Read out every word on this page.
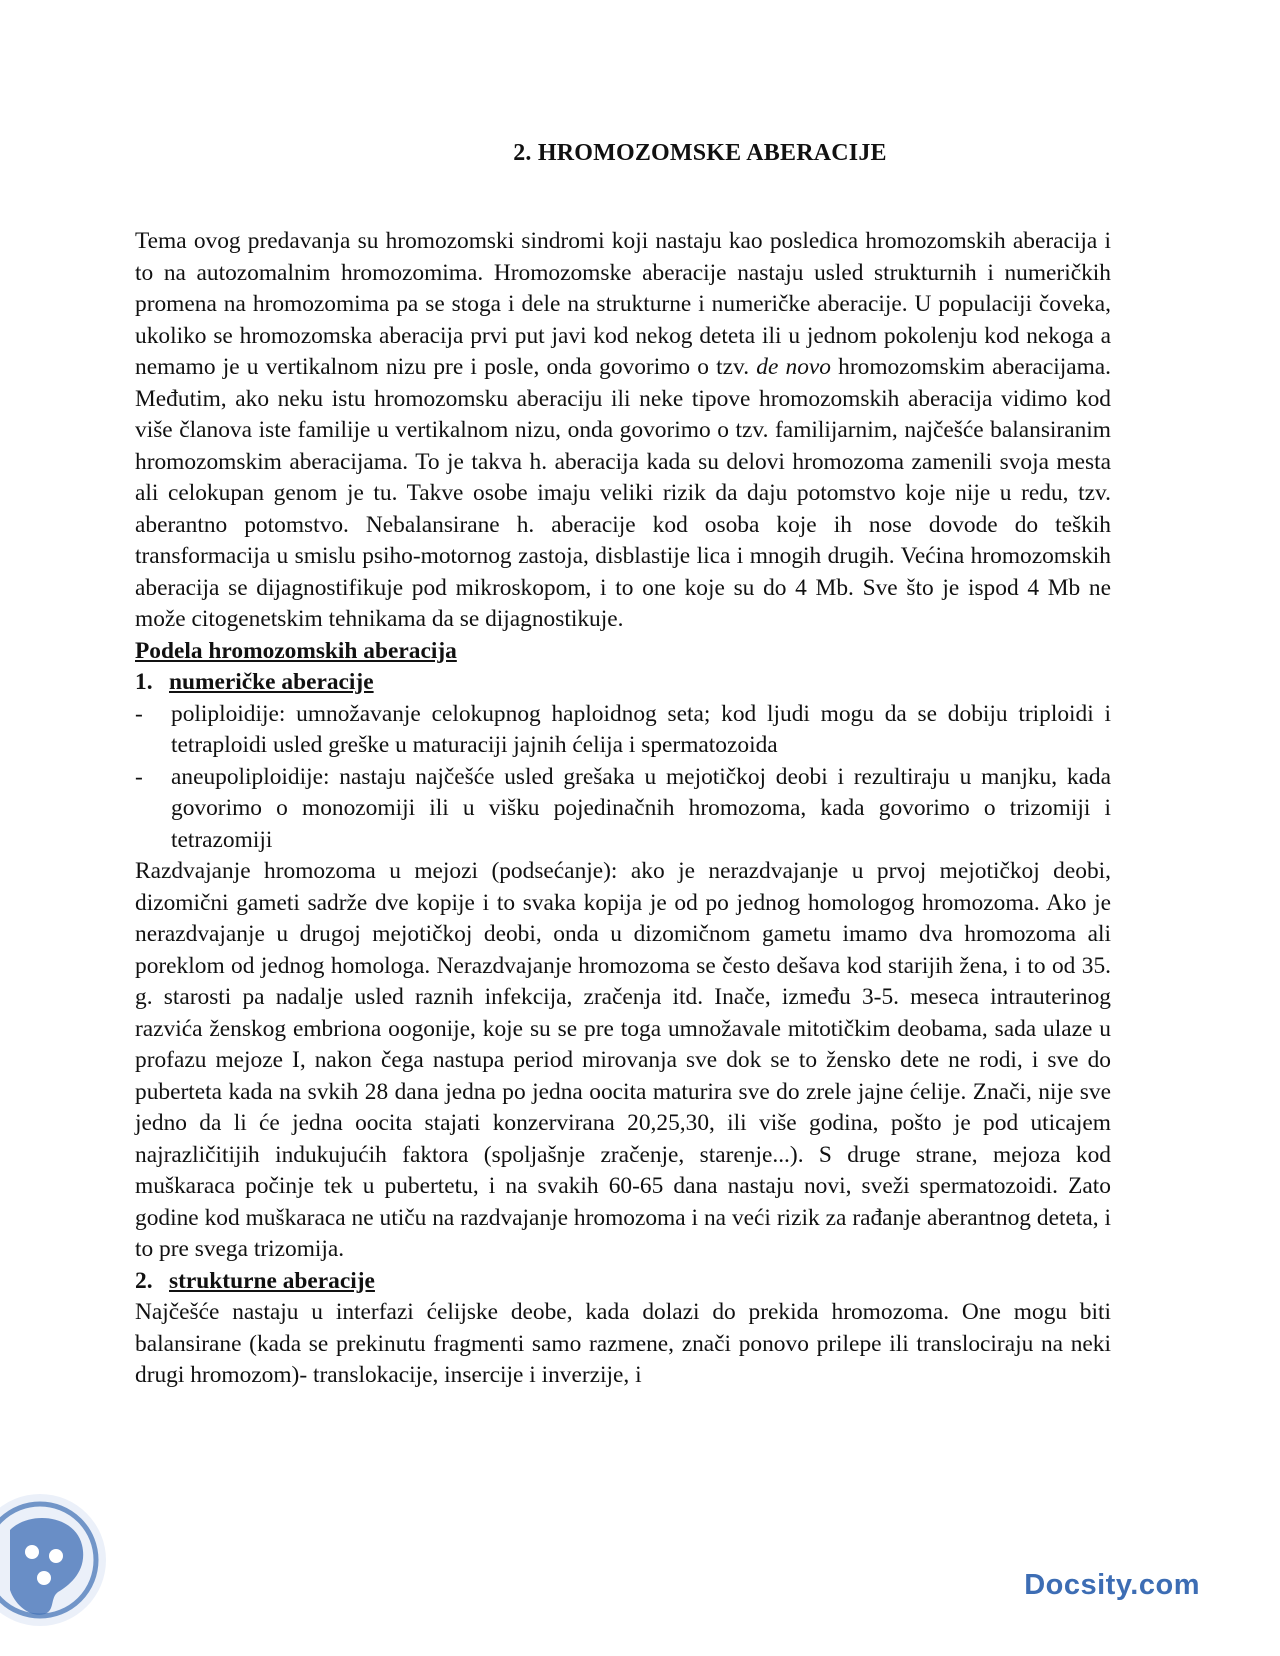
2. HROMOZOMSKE ABERACIJE

Tema ovog predavanja su hromozomski sindromi koji nastaju kao posledica hromozomskih aberacija i to na autozomalnim hromozomima. Hromozomske aberacije nastaju usled strukturnih i numeričkih promena na hromozomima pa se stoga i dele na strukturne i numeričke aberacije. U populaciji čoveka, ukoliko se hromozomska aberacija prvi put javi kod nekog deteta ili u jednom pokolenju kod nekoga a nemamo je u vertikalnom nizu pre i posle, onda govorimo o tzv. de novo hromozomskim aberacijama. Međutim, ako neku istu hromozomsku aberaciju ili neke tipove hromozomskih aberacija vidimo kod više članova iste familije u vertikalnom nizu, onda govorimo o tzv. familijarnim, najčešće balansiranim hromozomskim aberacijama. To je takva h. aberacija kada su delovi hromozoma zamenili svoja mesta ali celokupan genom je tu. Takve osobe imaju veliki rizik da daju potomstvo koje nije u redu, tzv. aberantno potomstvo. Nebalansirane h. aberacije kod osoba koje ih nose dovode do teških transformacija u smislu psiho-motornog zastoja, disblastije lica i mnogih drugih. Većina hromozomskih aberacija se dijagnostifikuje pod mikroskopom, i to one koje su do 4 Mb. Sve što je ispod 4 Mb ne može citogenetskim tehnikama da se dijagnostikuje.

Podela hromozomskih aberacija

1. numeričke aberacije
- poliploidije: umnožavanje celokupnog haploidnog seta; kod ljudi mogu da se dobiju triploidi i tetraploidi usled greške u maturaciji jajnih ćelija i spermatozoida
- aneupoliploidije: nastaju najčešće usled grešaka u mejotičkoj deobi i rezultiraju u manjku, kada govorimo o monozomiji ili u višku pojedinačnih hromozoma, kada govorimo o trizomiji i tetrazomiji

Razdvajanje hromozoma u mejozi (podsećanje): ako je nerazdvajanje u prvoj mejotičkoj deobi, dizomični gameti sadrže dve kopije i to svaka kopija je od po jednog homologog hromozoma. Ako je nerazdvajanje u drugoj mejotičkoj deobi, onda u dizomičnom gametu imamo dva hromozoma ali poreklom od jednog homologa. Nerazdvajanje hromozoma se često dešava kod starijih žena, i to od 35. g. starosti pa nadalje usled raznih infekcija, zračenja itd. Inače, između 3-5. meseca intrauterinog razvića ženskog embriona oogonije, koje su se pre toga umnožavale mitotičkim deobama, sada ulaze u profazu mejoze I, nakon čega nastupa period mirovanja sve dok se to žensko dete ne rodi, i sve do puberteta kada na svkih 28 dana jedna po jedna oocita maturira sve do zrele jajne ćelije. Znači, nije sve jedno da li će jedna oocita stajati konzervirana 20,25,30, ili više godina, pošto je pod uticajem najrazličitijih indukujućih faktora (spoljašnje zračenje, starenje...). S druge strane, mejoza kod muškaraca počinje tek u pubertetu, i na svakih 60-65 dana nastaju novi, sveži spermatozoidi. Zato godine kod muškaraca ne utiču na razdvajanje hromozoma i na veći rizik za rađanje aberantnog deteta, i to pre svega trizomija.

2. strukturne aberacije

Najčešće nastaju u interfazi ćelijske deobe, kada dolazi do prekida hromozoma. One mogu biti balansirane (kada se prekinutu fragmenti samo razmene, znači ponovo prilepe ili translociraju na neki drugi hromozom)- translokacije, insercije i inverzije, i

Docsity.com
